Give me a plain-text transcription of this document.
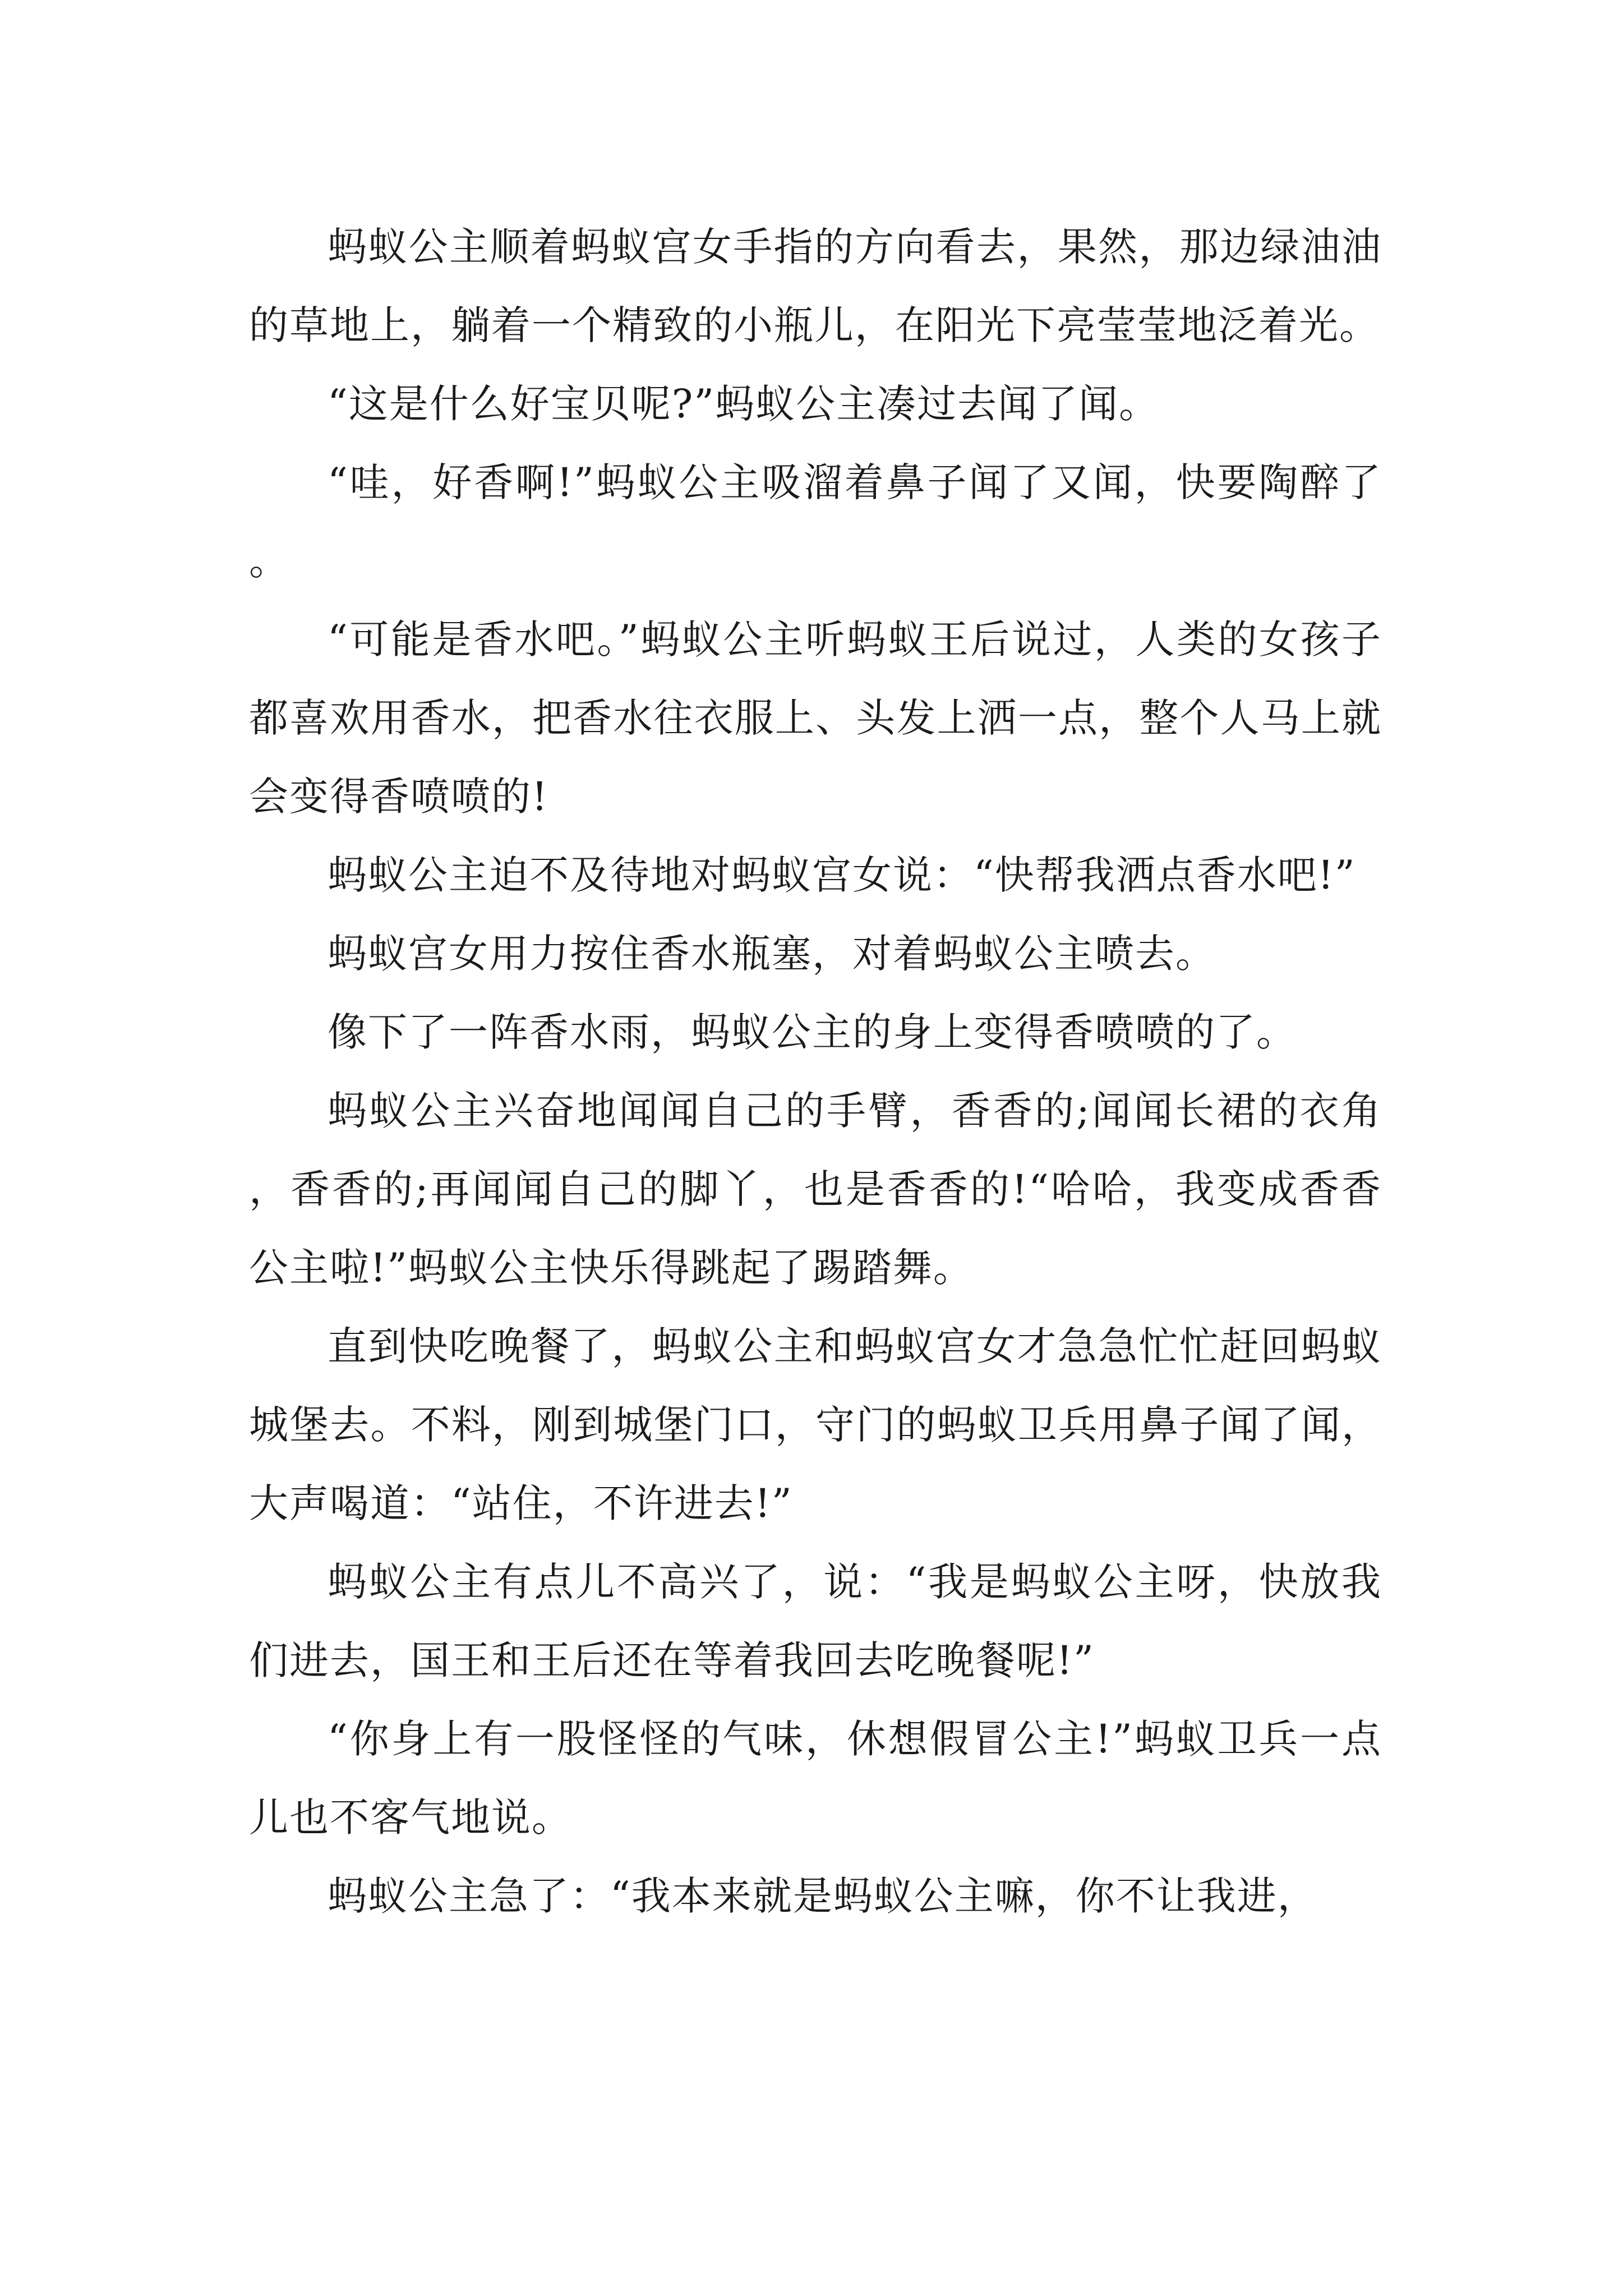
蚂蚁公主顺着蚂蚁宫女手指的方向看去，果然，那边绿油油的草地上，躺着一个精致的小瓶儿，在阳光下亮莹莹地泛着光。

“这是什么好宝贝呢?”蚂蚁公主凑过去闻了闻。

“哇，好香啊!”蚂蚁公主吸溜着鼻子闻了又闻，快要陶醉了。

“可能是香水吧。”蚂蚁公主听蚂蚁王后说过，人类的女孩子都喜欢用香水，把香水往衣服上、头发上洒一点，整个人马上就会变得香喷喷的!

蚂蚁公主迫不及待地对蚂蚁宫女说：“快帮我洒点香水吧!”

蚂蚁宫女用力按住香水瓶塞，对着蚂蚁公主喷去。

像下了一阵香水雨，蚂蚁公主的身上变得香喷喷的了。

蚂蚁公主兴奋地闻闻自己的手臂，香香的;闻闻长裙的衣角，香香的;再闻闻自己的脚丫，也是香香的!“哈哈，我变成香香公主啦!”蚂蚁公主快乐得跳起了踢踏舞。

直到快吃晚餐了，蚂蚁公主和蚂蚁宫女才急急忙忙赶回蚂蚁城堡去。不料，刚到城堡门口，守门的蚂蚁卫兵用鼻子闻了闻，大声喝道：“站住，不许进去!”

蚂蚁公主有点儿不高兴了，说：“我是蚂蚁公主呀，快放我们进去，国王和王后还在等着我回去吃晚餐呢!”

“你身上有一股怪怪的气味，休想假冒公主!”蚂蚁卫兵一点儿也不客气地说。

蚂蚁公主急了：“我本来就是蚂蚁公主嘛，你不让我进，
